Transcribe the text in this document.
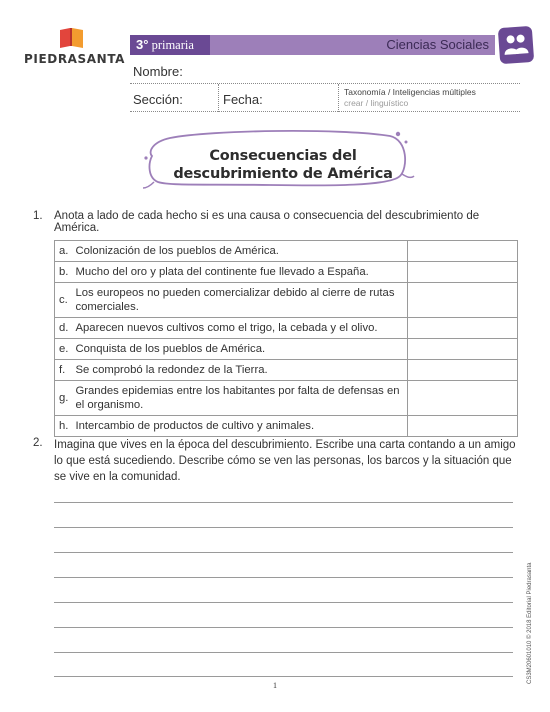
PIEDRASANTA
3° primaria	Ciencias Sociales
Nombre:
Sección:	Fecha:	Taxonomía / Inteligencias múltiples
crear / linguístico
Consecuencias del
descubrimiento de América
1. Anota a lado de cada hecho si es una causa o consecuencia del descubrimiento de América.
a.	Colonización de los pueblos de América.	
b.	Mucho del oro y plata del continente fue llevado a España.	
c.	Los europeos no pueden comercializar debido al cierre de rutas comerciales.	
d.	Aparecen nuevos cultivos como el trigo, la cebada y el olivo.	
e.	Conquista de los pueblos de América.	
f.	Se comprobó la redondez de la Tierra.	
g.	Grandes epidemias entre los habitantes por falta de defensas en el organismo.	
h.	Intercambio de productos de cultivo y animales.	
2. Imagina que vives en la época del descubrimiento. Escribe una carta contando a un amigo lo que está sucediendo. Describe cómo se ven las personas, los barcos y la situación que se vive en la comunidad.
CS3M20601010 © 2018 Editorial Piedrasanta
1
